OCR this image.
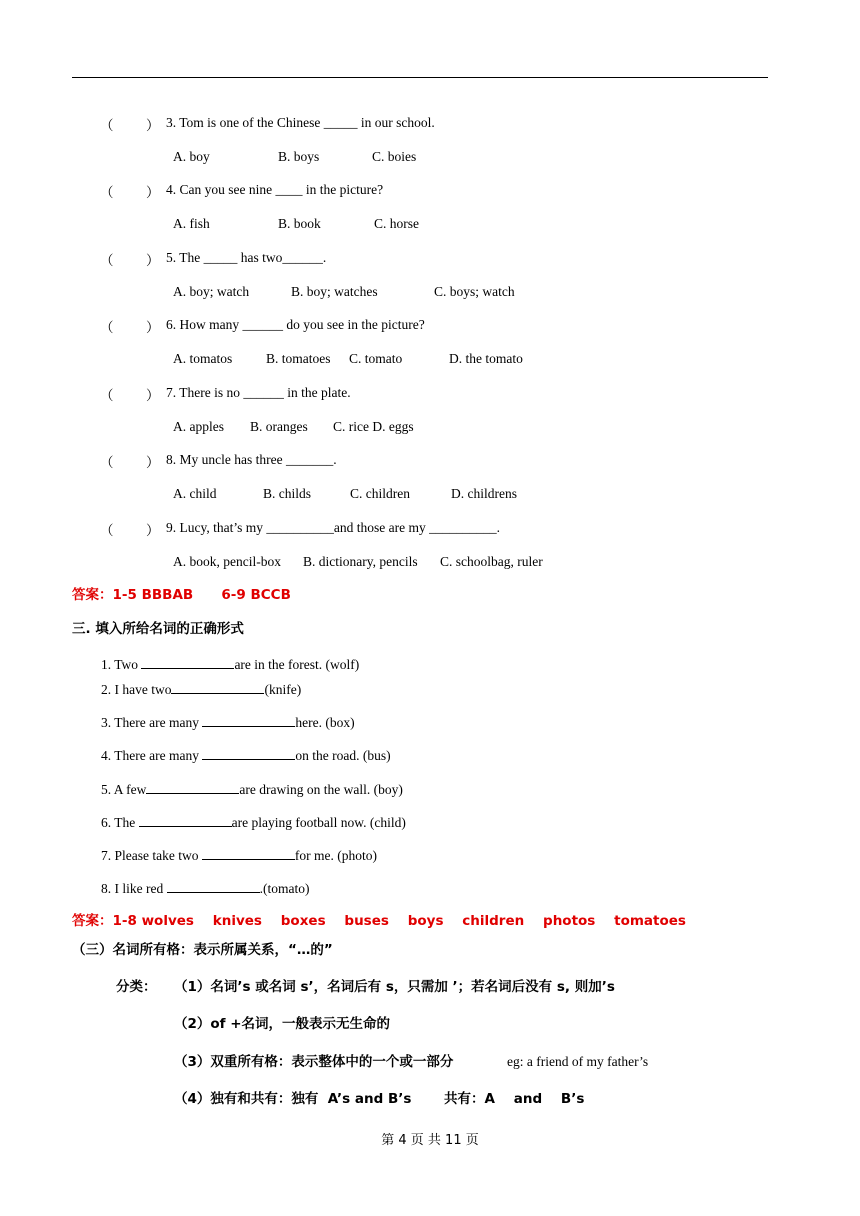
（ ） 3. Tom is one of the Chinese _____ in our school.
A. boy	B. boys	C. boies
（ ） 4. Can you see nine ____ in the picture?
A. fish	B. book	C. horse
（ ） 5. The _____ has two______.
A. boy; watch	B. boy; watches	C. boys; watch
（ ） 6. How many ______ do you see in the picture?
A. tomatos	B. tomatoes C. tomato	D. the tomato
（ ） 7. There is no ______ in the plate.
A. apples B. oranges C. rice D. eggs
（ ） 8. My uncle has three _______.
A. child	B. childs	C. children	D. childrens
（ ） 9. Lucy, that’s my __________and those are my __________.
A. book, pencil-box B. dictionary, pencils C. schoolbag, ruler
答案：1-5 BBBAB      6-9 BCCB
三. 填入所给名词的正确形式
1. Two	are in the forest. (wolf)
2. I have two	(knife)
3. There are many	here. (box)
4. There are many	on the road. (bus)
5. A few	are drawing on the wall. (boy)
6. The	are playing football now. (child)
7. Please take two	for me. (photo)
8. I like red	.(tomato)
答案：1-8 wolves    knives    boxes    buses    boys    children    photos    tomatoes
（三）名词所有格：表示所属关系，“…的”
分类： （1）名词’s 或名词 s’，名词后有 s，只需加 ’；若名词后没有 s, 则加’s
（2）of +名词，一般表示无生命的
（3）双重所有格：表示整体中的一个或一部分	eg: a friend of my father’s
（4）独有和共有：独有  A’s and B’s 共有：A    and    B’s
第 4 页 共 11 页
